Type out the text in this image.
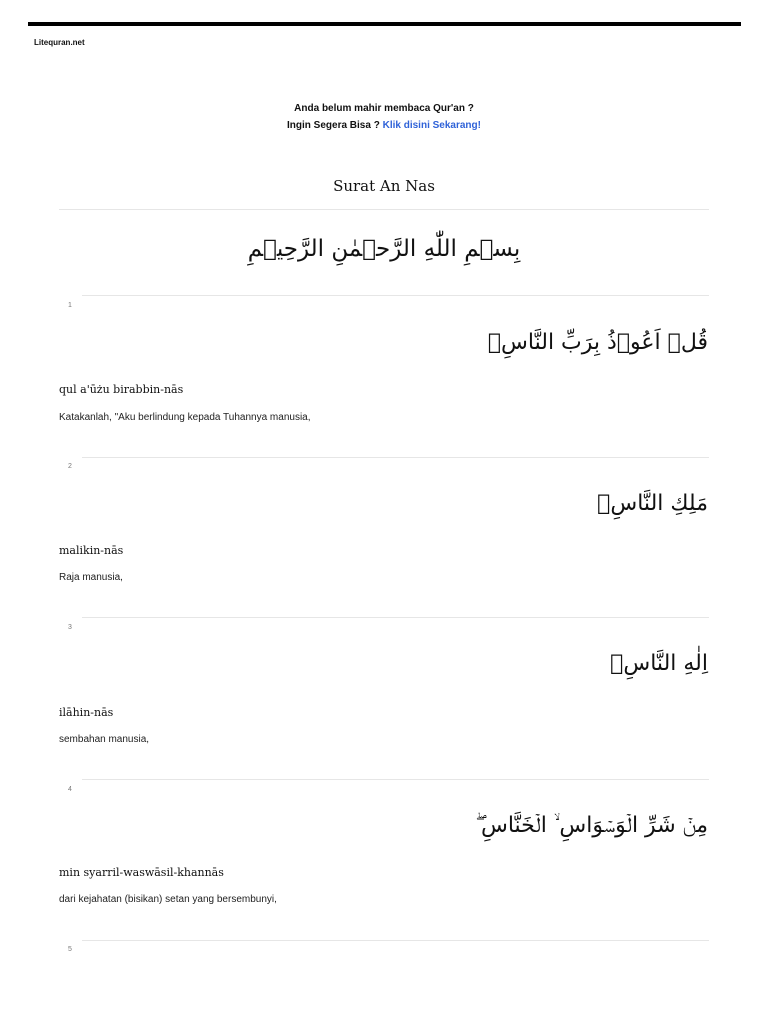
Litequran.net
Anda belum mahir membaca Qur'an ?
Ingin Segera Bisa ? Klik disini Sekarang!
Surat An Nas
بِسۡمِ اللّٰهِ الرَّحۡمٰنِ الرَّحِيۡمِ
1
قُلۡ اَعُوۡذُ بِرَبِّ النَّاسِۙ
qul a'ūżu birabbin-nās
Katakanlah, "Aku berlindung kepada Tuhannya manusia,
2
مَلِكِ النَّاسِۙ
malikin-nās
Raja manusia,
3
اِلٰهِ النَّاسِۙ
ilāhin-nās
sembahan manusia,
4
مِنۡ شَرِّ الۡوَسۡوَاسِ ۙ الۡخَنَّاسِ ۖ
min syarril-waswāsil-khannās
dari kejahatan (bisikan) setan yang bersembunyi,
5
